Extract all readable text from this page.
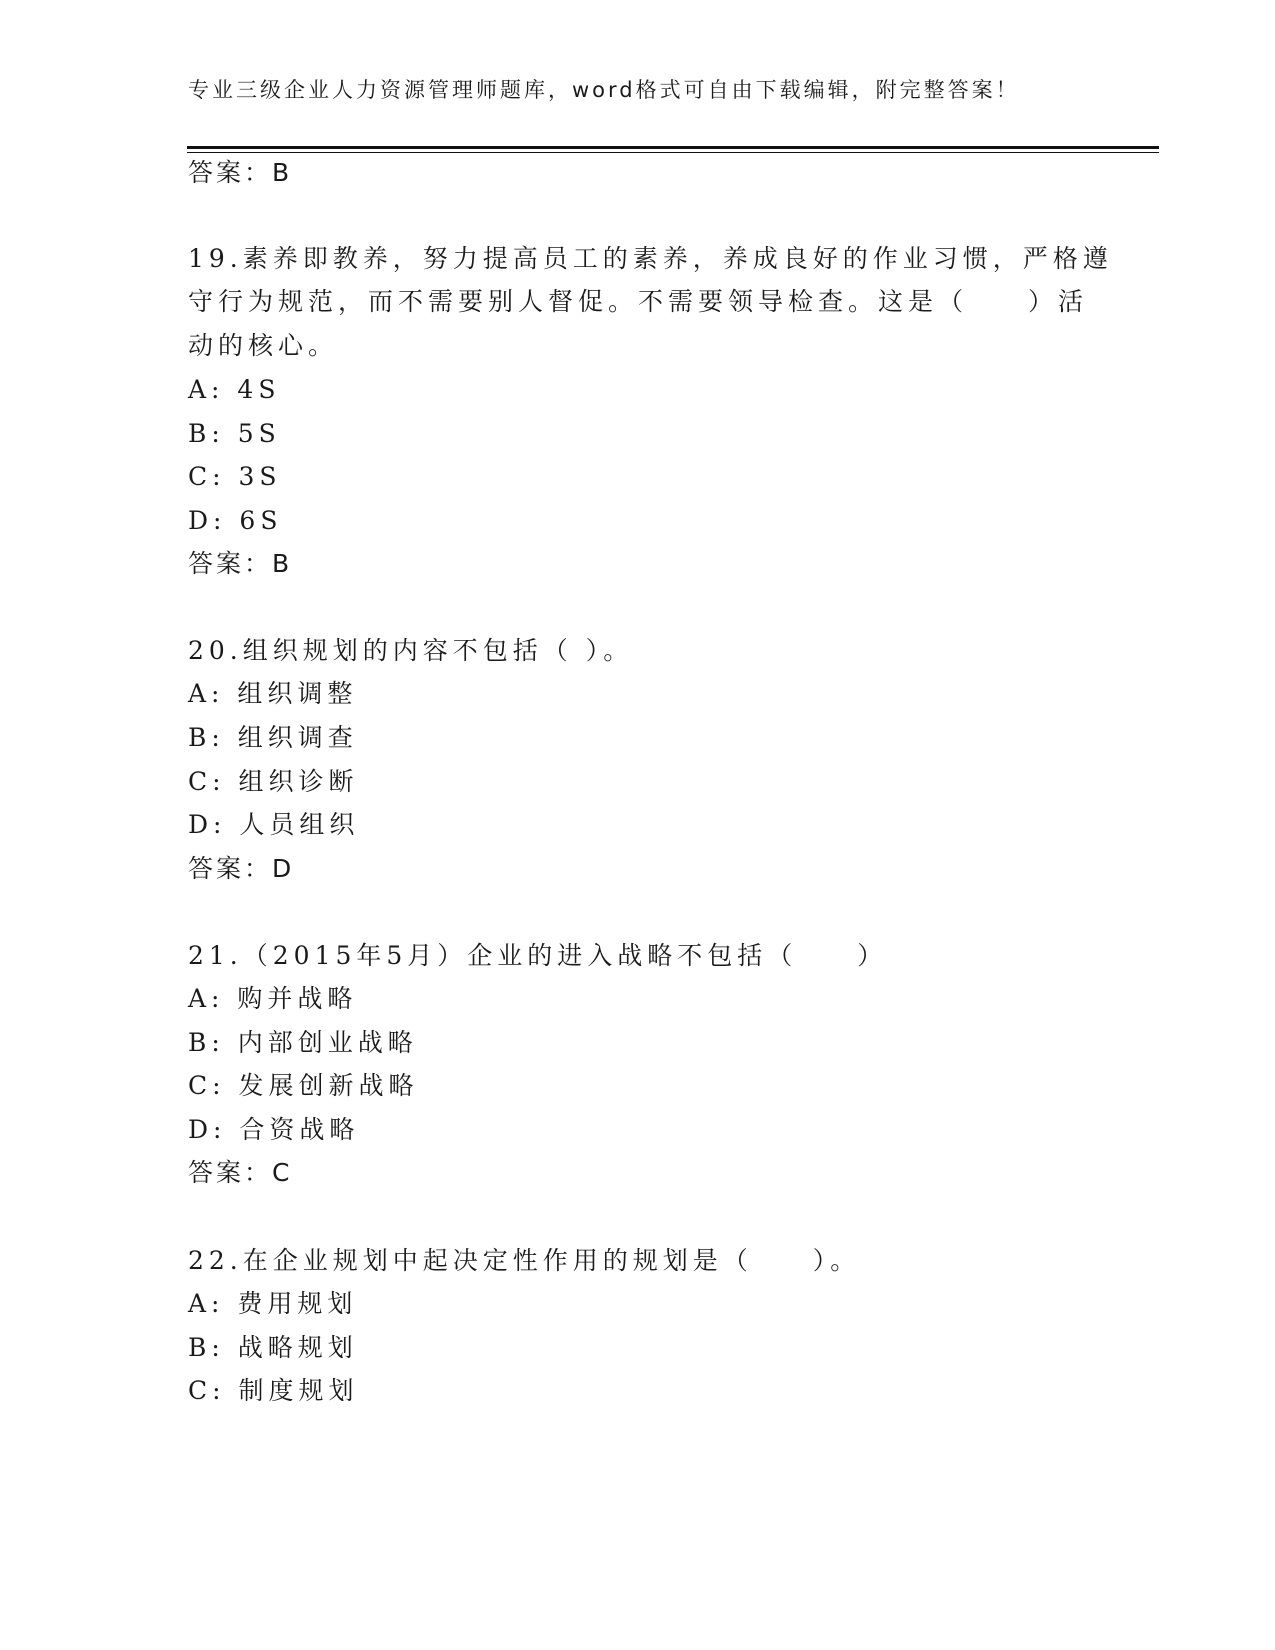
专业三级企业人力资源管理师题库，word格式可自由下载编辑，附完整答案！
答案：B
19.素养即教养，努力提高员工的素养，养成良好的作业习惯，严格遵
守行为规范，而不需要别人督促。不需要领导检查。这是（　　）活
动的核心。
A: 4S
B: 5S
C: 3S
D: 6S
答案：B
20.组织规划的内容不包括（ ）。
A: 组织调整
B: 组织调查
C: 组织诊断
D: 人员组织
答案：D
21.（2015年5月）企业的进入战略不包括（　　）
A: 购并战略
B: 内部创业战略
C: 发展创新战略
D: 合资战略
答案：C
22.在企业规划中起决定性作用的规划是（　　）。
A: 费用规划
B: 战略规划
C: 制度规划
